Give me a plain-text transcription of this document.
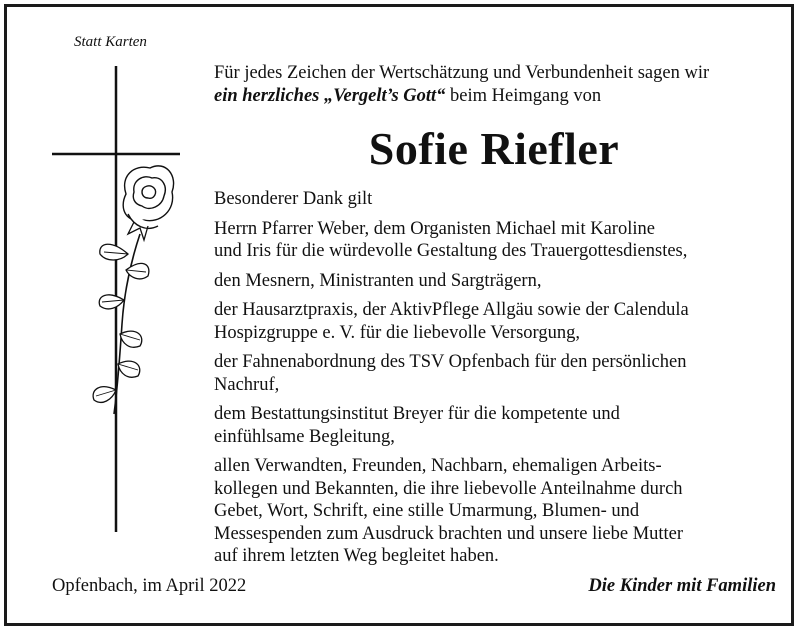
Statt Karten
Für jedes Zeichen der Wertschätzung und Verbundenheit sagen wir
ein herzliches „Vergelt’s Gott“ beim Heimgang von
Sofie Riefler

Besonderer Dank gilt

Herrn Pfarrer Weber, dem Organisten Michael mit Karoline
und Iris für die würdevolle Gestaltung des Trauergottesdienstes,

den Mesnern, Ministranten und Sargträgern,

der Hausarztpraxis, der AktivPflege Allgäu sowie der Calendula
Hospizgruppe e. V. für die liebevolle Versorgung,

der Fahnenabordnung des TSV Opfenbach für den persönlichen
Nachruf,

dem Bestattungsinstitut Breyer für die kompetente und
einfühlsame Begleitung,

allen Verwandten, Freunden, Nachbarn, ehemaligen Arbeits-
kollegen und Bekannten, die ihre liebevolle Anteilnahme durch
Gebet, Wort, Schrift, eine stille Umarmung, Blumen- und
Messespenden zum Ausdruck brachten und unsere liebe Mutter
auf ihrem letzten Weg begleitet haben.

Opfenbach, im April 2022	Die Kinder mit Familien
